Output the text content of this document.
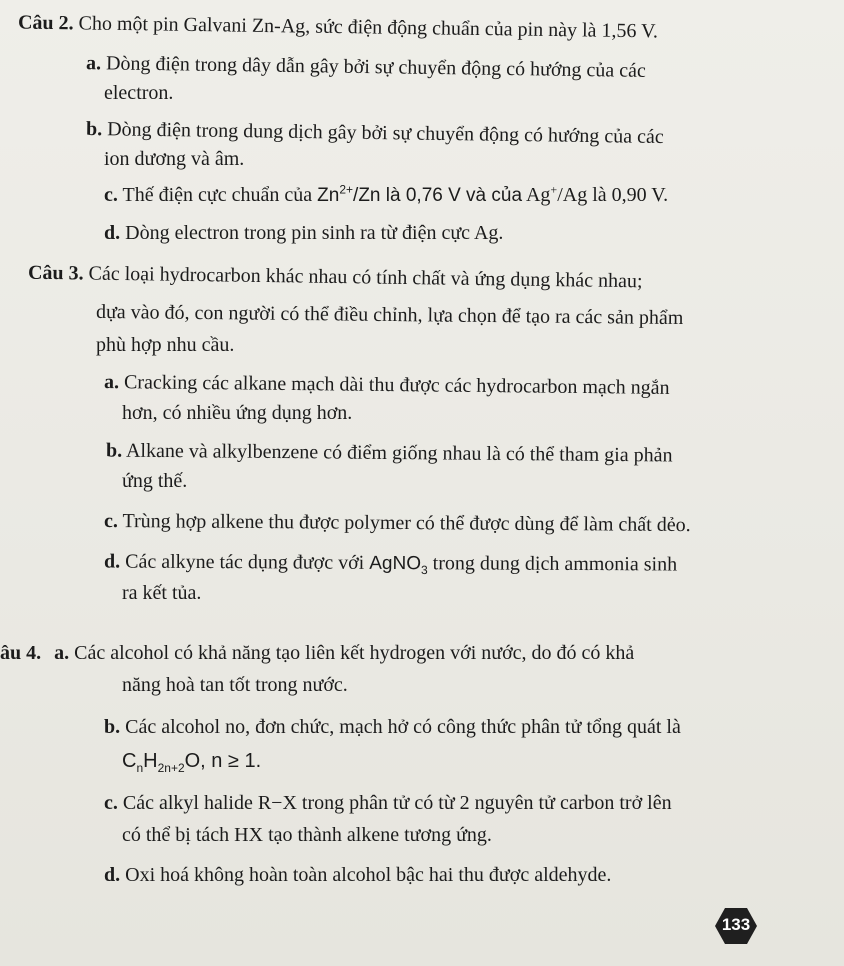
Câu 2. Cho một pin Galvani Zn-Ag, sức điện động chuẩn của pin này là 1,56 V.
a. Dòng điện trong dây dẫn gây bởi sự chuyển động có hướng của các
electron.
b. Dòng điện trong dung dịch gây bởi sự chuyển động có hướng của các
ion dương và âm.
c. Thế điện cực chuẩn của $Zn^{2+}/Zn$ là 0,76 V và của Ag+/Ag là 0,90 V.
d. Dòng electron trong pin sinh ra từ điện cực Ag.
Câu 3. Các loại hydrocarbon khác nhau có tính chất và ứng dụng khác nhau;
dựa vào đó, con người có thể điều chỉnh, lựa chọn để tạo ra các sản phẩm
phù hợp nhu cầu.
a. Cracking các alkane mạch dài thu được các hydrocarbon mạch ngắn
hơn, có nhiều ứng dụng hơn.
b. Alkane và alkylbenzene có điểm giống nhau là có thể tham gia phản
ứng thế.
c. Trùng hợp alkene thu được polymer có thể được dùng để làm chất dẻo.
d. Các alkyne tác dụng được với AgNO$_3$ trong dung dịch ammonia sinh
ra kết tủa.
âu 4. a. Các alcohol có khả năng tạo liên kết hydrogen với nước, do đó có khả
năng hoà tan tốt trong nước.
b. Các alcohol no, đơn chức, mạch hở có công thức phân tử tổng quát là
$C_nH_{2n+2}O$, n ≥ 1.
c. Các alkyl halide R−X trong phân tử có từ 2 nguyên tử carbon trở lên
có thể bị tách HX tạo thành alkene tương ứng.
d. Oxi hoá không hoàn toàn alcohol bậc hai thu được aldehyde.
133
